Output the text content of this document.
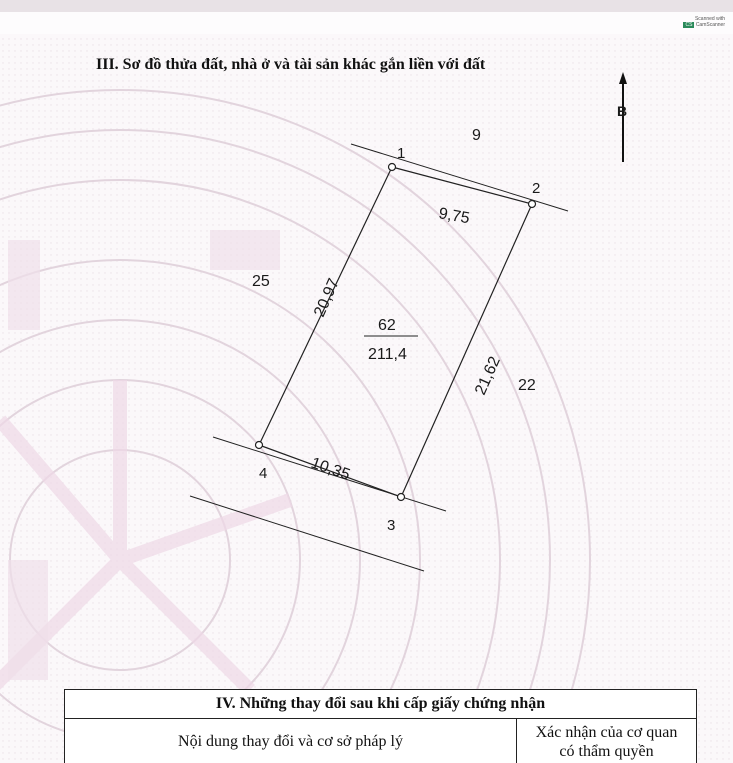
Scanned with
CS CamScanner
III. Sơ đồ thửa đất, nhà ở và tài sản khác gắn liền với đất
B
1
2
3
4
9,75
21,62
10,35
20,97
62
211,4
9
25
22
IV. Những thay đổi sau khi cấp giấy chứng nhận	
Nội dung thay đổi và cơ sở pháp lý	Xác nhận của cơ quan
có thẩm quyền
